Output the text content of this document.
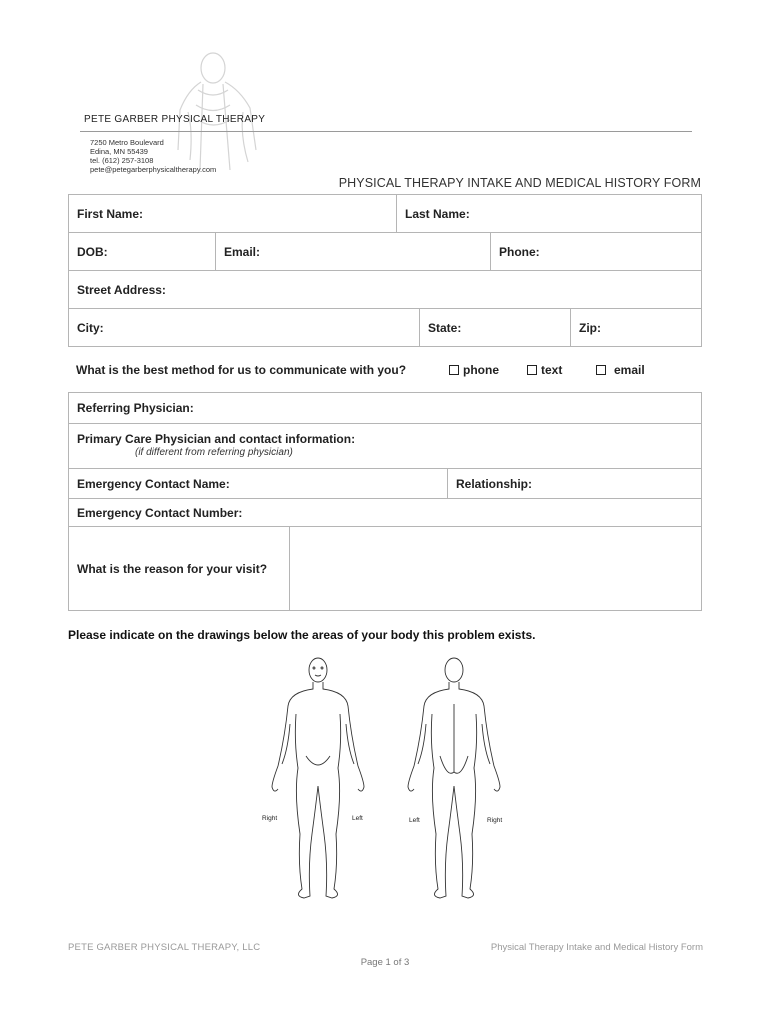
PETE GARBER PHYSICAL THERAPY
7250 Metro Boulevard
Edina, MN 55439
tel. (612) 257-3108
pete@petegarberphysicaltherapy.com
PHYSICAL THERAPY INTAKE AND MEDICAL HISTORY FORM
First Name:	Last Name:
DOB:	Email:	Phone:
Street Address:
City:	State:	Zip:
What is the best method for us to communicate with you?	phone	text	email
Referring Physician:
Primary Care Physician and contact information:
(if different from referring physician)
Emergency Contact Name:	Relationship:
Emergency Contact Number:
What is the reason for your visit?
Please indicate on the drawings below the areas of your body this problem exists.
Right	Left	Left	Right
PETE GARBER PHYSICAL THERAPY, LLC	Physical Therapy Intake and Medical History Form
Page 1 of 3
